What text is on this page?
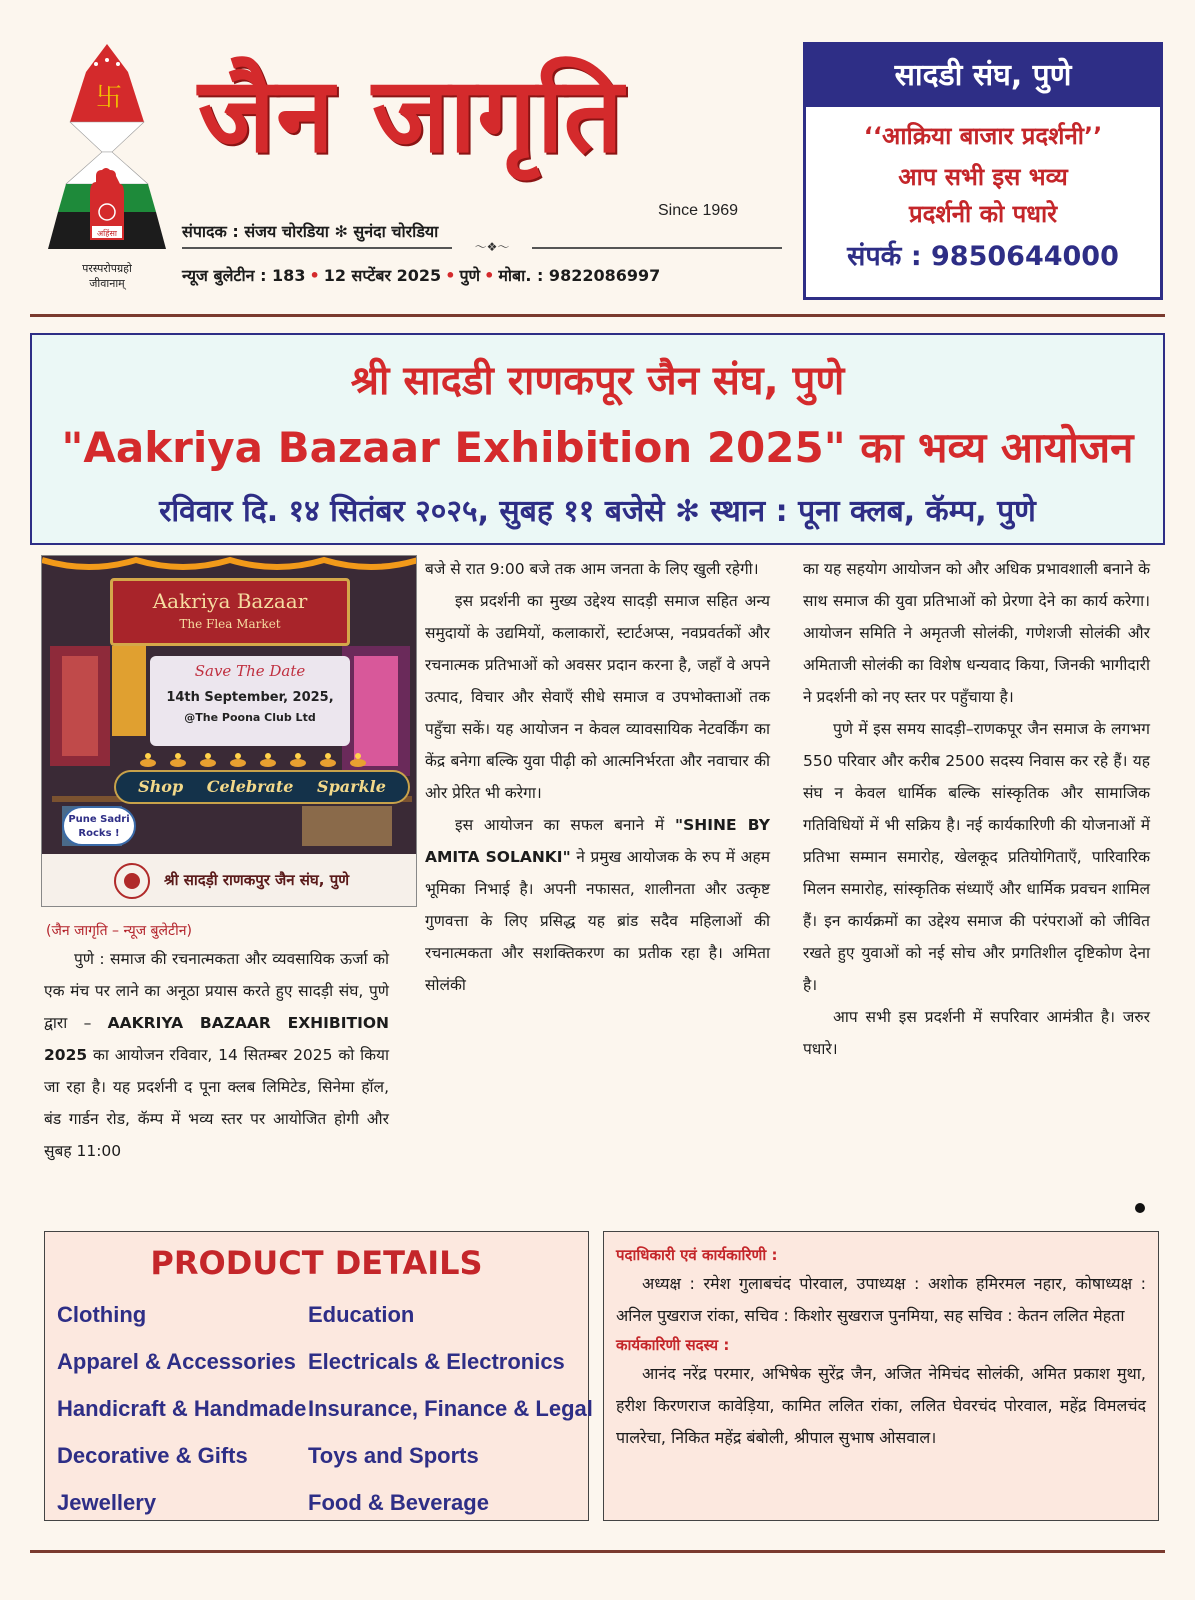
卐
अहिंसा
परस्परोपग्रहो
जीवानाम्
जैन जागृति
Since 1969
संपादक : संजय चोरडिया ✻ सुनंदा चोरडिया
〜❖〜
न्यूज बुलेटीन : 183 • 12 सप्टेंबर 2025 • पुणे • मोबा. : 9822086997
सादडी संघ, पुणे
‘‘आक्रिया बाजार प्रदर्शनी’’
आप सभी इस भव्य
प्रदर्शनी को पधारे
संपर्क : 9850644000
श्री सादडी राणकपूर जैन संघ, पुणे
"Aakriya Bazaar Exhibition 2025" का भव्य आयोजन
रविवार दि. १४ सितंबर २०२५, सुबह ११ बजेसे ✻ स्थान : पूना क्लब, कॅम्प, पुणे
Aakriya Bazaar
The Flea Market
Save The Date
14th September, 2025,
@The Poona Club Ltd
Shop Celebrate Sparkle
Pune Sadri
Rocks !
श्री सादड़ी राणकपुर जैन संघ, पुणे
(जैन जागृति – न्यूज बुलेटीन)

पुणे : समाज की रचनात्मकता और व्यवसायिक ऊर्जा को एक मंच पर लाने का अनूठा प्रयास करते हुए सादड़ी संघ, पुणे द्वारा – AAKRIYA BAZAAR EXHIBITION 2025 का आयोजन रविवार, 14 सितम्बर 2025 को किया जा रहा है। यह प्रदर्शनी द पूना क्लब लिमिटेड, सिनेमा हॉल, बंड गार्डन रोड, कॅम्प में भव्य स्तर पर आयोजित होगी और सुबह 11:00

बजे से रात 9:00 बजे तक आम जनता के लिए खुली रहेगी।

इस प्रदर्शनी का मुख्य उद्देश्य सादड़ी समाज सहित अन्य समुदायों के उद्यमियों, कलाकारों, स्टार्टअप्स, नवप्रवर्तकों और रचनात्मक प्रतिभाओं को अवसर प्रदान करना है, जहाँ वे अपने उत्पाद, विचार और सेवाएँ सीधे समाज व उपभोक्ताओं तक पहुँचा सकें। यह आयोजन न केवल व्यावसायिक नेटवर्किंग का केंद्र बनेगा बल्कि युवा पीढ़ी को आत्मनिर्भरता और नवाचार की ओर प्रेरित भी करेगा।

इस आयोजन का सफल बनाने में "SHINE BY AMITA SOLANKI" ने प्रमुख आयोजक के रुप में अहम भूमिका निभाई है। अपनी नफासत, शालीनता और उत्कृष्ट गुणवत्ता के लिए प्रसिद्ध यह ब्रांड सदैव महिलाओं की रचनात्मकता और सशक्तिकरण का प्रतीक रहा है। अमिता सोलंकी

का यह सहयोग आयोजन को और अधिक प्रभावशाली बनाने के साथ समाज की युवा प्रतिभाओं को प्रेरणा देने का कार्य करेगा। आयोजन समिति ने अमृतजी सोलंकी, गणेशजी सोलंकी और अमिताजी सोलंकी का विशेष धन्यवाद किया, जिनकी भागीदारी ने प्रदर्शनी को नए स्तर पर पहुँचाया है।

पुणे में इस समय सादड़ी–राणकपूर जैन समाज के लगभग 550 परिवार और करीब 2500 सदस्य निवास कर रहे हैं। यह संघ न केवल धार्मिक बल्कि सांस्कृतिक और सामाजिक गतिविधियों में भी सक्रिय है। नई कार्यकारिणी की योजनाओं में प्रतिभा सम्मान समारोह, खेलकूद प्रतियोगिताएँ, पारिवारिक मिलन समारोह, सांस्कृतिक संध्याएँ और धार्मिक प्रवचन शामिल हैं। इन कार्यक्रमों का उद्देश्य समाज की परंपराओं को जीवित रखते हुए युवाओं को नई सोच और प्रगतिशील दृष्टिकोण देना है।

आप सभी इस प्रदर्शनी में सपरिवार आमंत्रीत है। जरुर पधारे।

PRODUCT DETAILS
Clothing
Apparel & Accessories
Handicraft & Handmade
Decorative & Gifts
Jewellery
Education
Electricals & Electronics
Insurance, Finance & Legal
Toys and Sports
Food & Beverage
पदाधिकारी एवं कार्यकारिणी :
अध्यक्ष : रमेश गुलाबचंद पोरवाल, उपाध्यक्ष : अशोक हमिरमल नहार, कोषाध्यक्ष : अनिल पुखराज रांका, सचिव : किशोर सुखराज पुनमिया, सह सचिव : केतन ललित मेहता
कार्यकारिणी सदस्य :
आनंद नरेंद्र परमार, अभिषेक सुरेंद्र जैन, अजित नेमिचंद सोलंकी, अमित प्रकाश मुथा, हरीश किरणराज कावेड़िया, कामित ललित रांका, ललित घेवरचंद पोरवाल, महेंद्र विमलचंद पालरेचा, निकित महेंद्र बंबोली, श्रीपाल सुभाष ओसवाल।
